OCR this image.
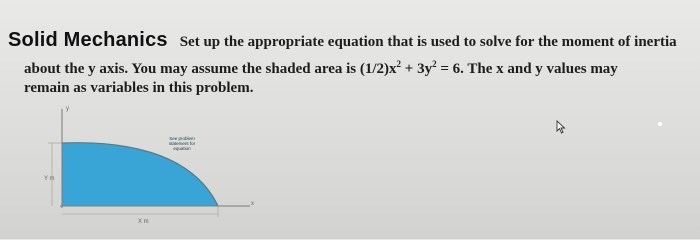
Solid Mechanics Set up the appropriate equation that is used to solve for the moment of inertia
about the y axis. You may assume the shaded area is $(1/2)x^2 + 3y^2 = 6$. The x and y values may
remain as variables in this problem.
y
x
Y m
X m
See problem statement for equation
